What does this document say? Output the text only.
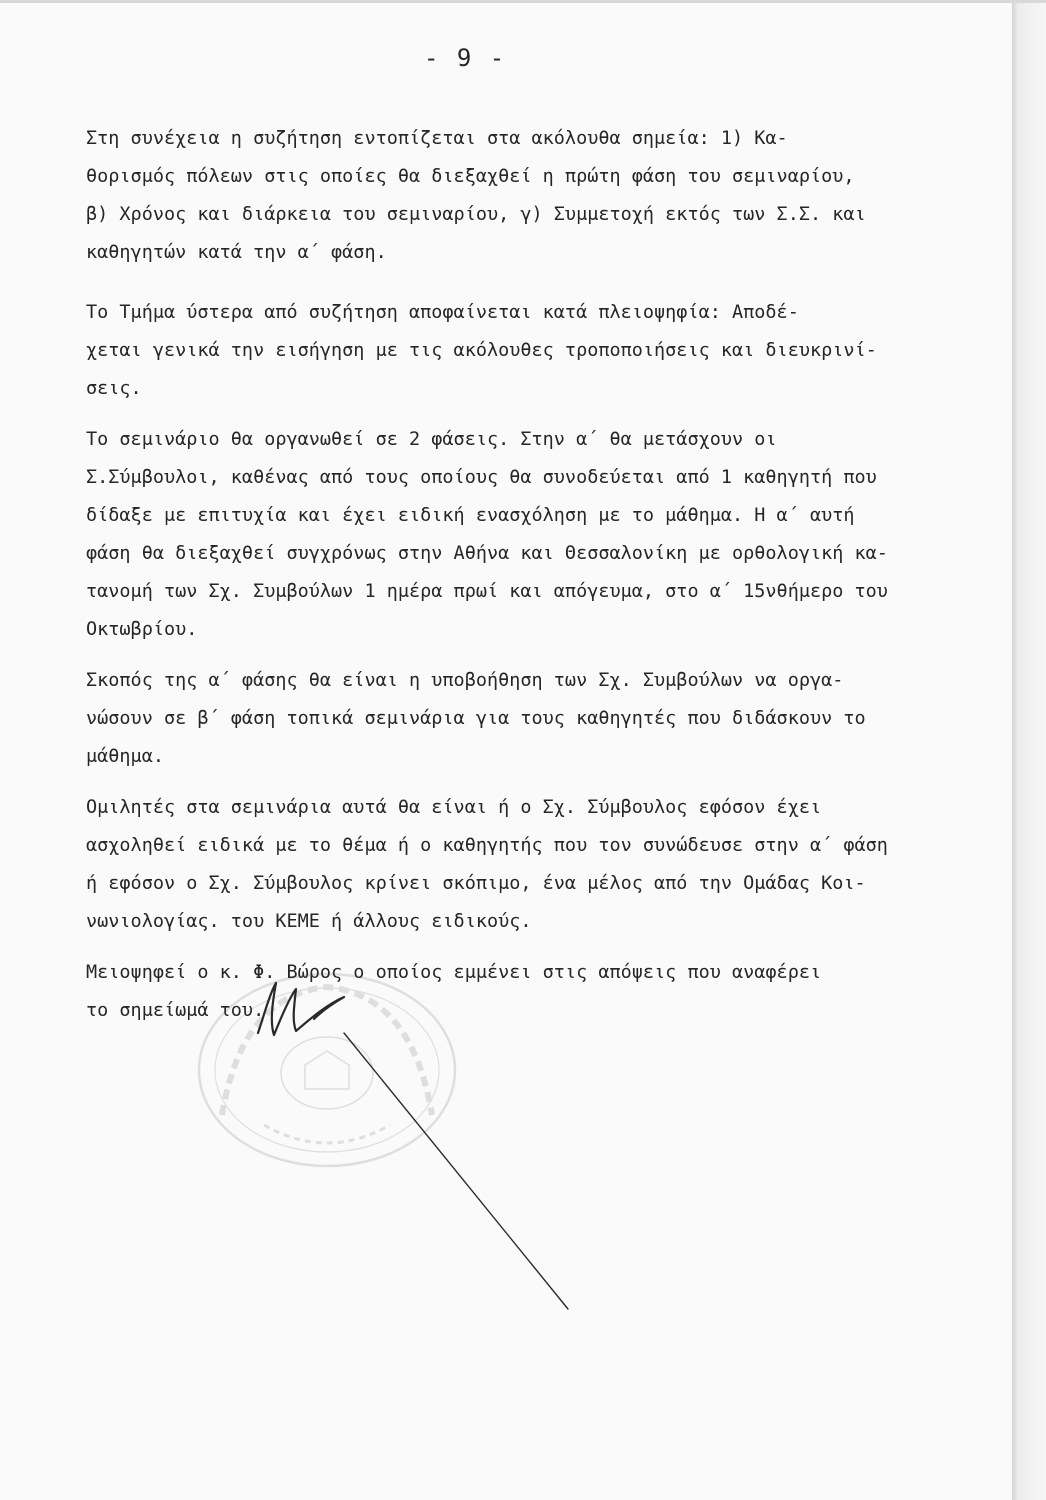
- 9 -

Στη συνέχεια η συζήτηση εντοπίζεται στα ακόλουθα σημεία: 1) Κα-
θορισμός πόλεων στις οποίες θα διεξαχθεί η πρώτη φάση του σεμιναρίου,
β) Χρόνος και διάρκεια του σεμιναρίου, γ) Συμμετοχή εκτός των Σ.Σ. και
καθηγητών κατά την α΄ φάση.

Το Τμήμα ύστερα από συζήτηση αποφαίνεται κατά πλειοψηφία: Αποδέ-
χεται γενικά την εισήγηση με τις ακόλουθες τροποποιήσεις και διευκρινί-
σεις.

Το σεμινάριο θα οργανωθεί σε 2 φάσεις. Στην α΄ θα μετάσχουν οι
Σ.Σύμβουλοι, καθένας από τους οποίους θα συνοδεύεται από 1 καθηγητή που
δίδαξε με επιτυχία και έχει ειδική ενασχόληση με το μάθημα. Η α΄ αυτή
φάση θα διεξαχθεί συγχρόνως στην Αθήνα και Θεσσαλονίκη με ορθολογική κα-
τανομή των Σχ. Συμβούλων 1 ημέρα πρωί και απόγευμα, στο α΄ 15νθήμερο του
Οκτωβρίου.

Σκοπός της α΄ φάσης θα είναι η υποβοήθηση των Σχ. Συμβούλων να οργα-
νώσουν σε β΄ φάση τοπικά σεμινάρια για τους καθηγητές που διδάσκουν το
μάθημα.

Ομιλητές στα σεμινάρια αυτά θα είναι ή ο Σχ. Σύμβουλος εφόσον έχει
ασχοληθεί ειδικά με το θέμα ή ο καθηγητής που τον συνώδευσε στην α΄ φάση
ή εφόσον ο Σχ. Σύμβουλος κρίνει σκόπιμο, ένα μέλος από την Ομάδας Κοι-
νωνιολογίας. του ΚΕΜΕ ή άλλους ειδικούς.

Μειοψηφεί ο κ. Φ. Βώρος ο οποίος εμμένει στις απόψεις που αναφέρει
το σημείωμά του.
